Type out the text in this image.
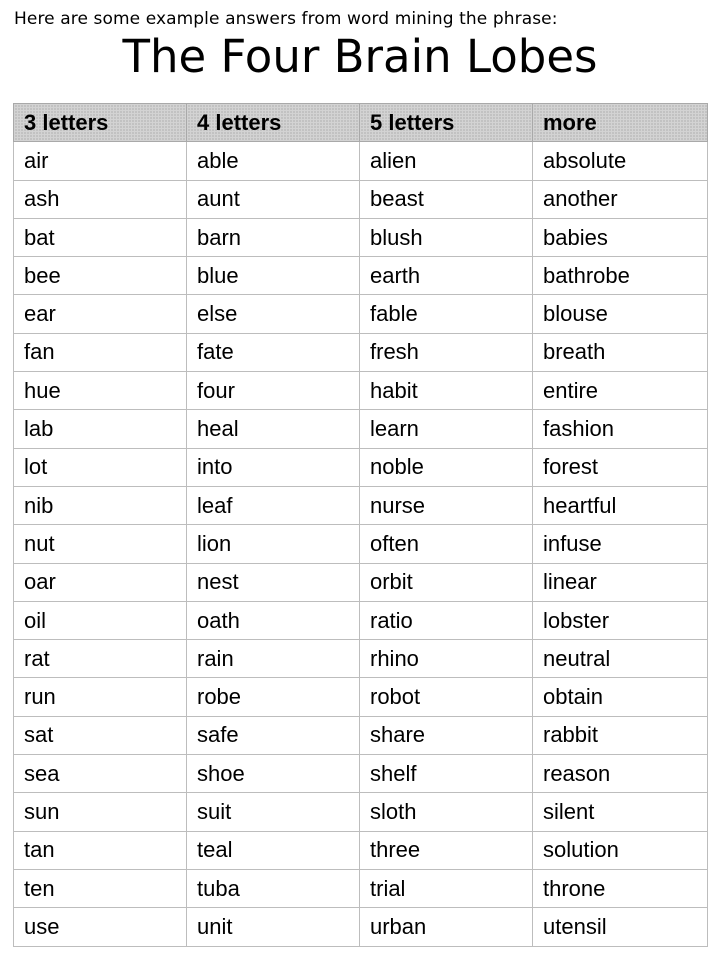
Here are some example answers from word mining the phrase:
The Four Brain Lobes
3 letters	4 letters	5 letters	more
air	able	alien	absolute
ash	aunt	beast	another
bat	barn	blush	babies
bee	blue	earth	bathrobe
ear	else	fable	blouse
fan	fate	fresh	breath
hue	four	habit	entire
lab	heal	learn	fashion
lot	into	noble	forest
nib	leaf	nurse	heartful
nut	lion	often	infuse
oar	nest	orbit	linear
oil	oath	ratio	lobster
rat	rain	rhino	neutral
run	robe	robot	obtain
sat	safe	share	rabbit
sea	shoe	shelf	reason
sun	suit	sloth	silent
tan	teal	three	solution
ten	tuba	trial	throne
use	unit	urban	utensil
